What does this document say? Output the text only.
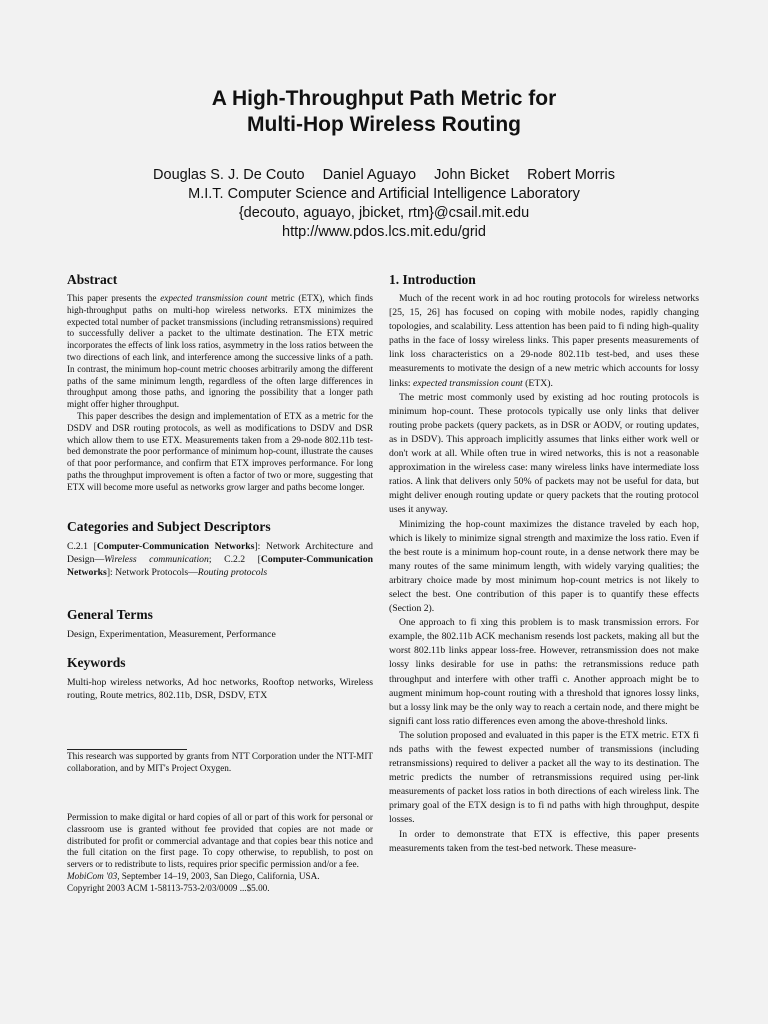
A High-Throughput Path Metric for
Multi-Hop Wireless Routing
Douglas S. J. De Couto Daniel Aguayo John Bicket Robert Morris
M.I.T. Computer Science and Artificial Intelligence Laboratory
{decouto, aguayo, jbicket, rtm}@csail.mit.edu
http://www.pdos.lcs.mit.edu/grid
Abstract

This paper presents the expected transmission count metric (ETX), which finds high-throughput paths on multi-hop wireless networks. ETX minimizes the expected total number of packet transmissions (including retransmissions) required to successfully deliver a packet to the ultimate destination. The ETX metric incorporates the effects of link loss ratios, asymmetry in the loss ratios between the two directions of each link, and interference among the successive links of a path. In contrast, the minimum hop-count metric chooses arbitrarily among the different paths of the same minimum length, regardless of the often large differences in throughput among those paths, and ignoring the possibility that a longer path might offer higher throughput.

This paper describes the design and implementation of ETX as a metric for the DSDV and DSR routing protocols, as well as modifications to DSDV and DSR which allow them to use ETX. Measurements taken from a 29-node 802.11b test-bed demonstrate the poor performance of minimum hop-count, illustrate the causes of that poor performance, and confirm that ETX improves performance. For long paths the throughput improvement is often a factor of two or more, suggesting that ETX will become more useful as networks grow larger and paths become longer.

Categories and Subject Descriptors

C.2.1 [Computer-Communication Networks]: Network Architecture and Design—Wireless communication; C.2.2 [Computer-Communication Networks]: Network Protocols—Routing protocols

General Terms

Design, Experimentation, Measurement, Performance

Keywords

Multi-hop wireless networks, Ad hoc networks, Rooftop networks, Wireless routing, Route metrics, 802.11b, DSR, DSDV, ETX

This research was supported by grants from NTT Corporation under the NTT-MIT collaboration, and by MIT's Project Oxygen.

Permission to make digital or hard copies of all or part of this work for personal or classroom use is granted without fee provided that copies are not made or distributed for profit or commercial advantage and that copies bear this notice and the full citation on the first page. To copy otherwise, to republish, to post on servers or to redistribute to lists, requires prior specific permission and/or a fee.

MobiCom '03, September 14–19, 2003, San Diego, California, USA.

Copyright 2003 ACM 1-58113-753-2/03/0009 ...$5.00.

1. Introduction

Much of the recent work in ad hoc routing protocols for wireless networks [25, 15, 26] has focused on coping with mobile nodes, rapidly changing topologies, and scalability. Less attention has been paid to fi nding high-quality paths in the face of lossy wireless links. This paper presents measurements of link loss characteristics on a 29-node 802.11b test-bed, and uses these measurements to motivate the design of a new metric which accounts for lossy links: expected transmission count (ETX).

The metric most commonly used by existing ad hoc routing protocols is minimum hop-count. These protocols typically use only links that deliver routing probe packets (query packets, as in DSR or AODV, or routing updates, as in DSDV). This approach implicitly assumes that links either work well or don't work at all. While often true in wired networks, this is not a reasonable approximation in the wireless case: many wireless links have intermediate loss ratios. A link that delivers only 50% of packets may not be useful for data, but might deliver enough routing update or query packets that the routing protocol uses it anyway.

Minimizing the hop-count maximizes the distance traveled by each hop, which is likely to minimize signal strength and maximize the loss ratio. Even if the best route is a minimum hop-count route, in a dense network there may be many routes of the same minimum length, with widely varying qualities; the arbitrary choice made by most minimum hop-count metrics is not likely to select the best. One contribution of this paper is to quantify these effects (Section 2).

One approach to fi xing this problem is to mask transmission errors. For example, the 802.11b ACK mechanism resends lost packets, making all but the worst 802.11b links appear loss-free. However, retransmission does not make lossy links desirable for use in paths: the retransmissions reduce path throughput and interfere with other traffi c. Another approach might be to augment minimum hop-count routing with a threshold that ignores lossy links, but a lossy link may be the only way to reach a certain node, and there might be signifi cant loss ratio differences even among the above-threshold links.

The solution proposed and evaluated in this paper is the ETX metric. ETX fi nds paths with the fewest expected number of transmissions (including retransmissions) required to deliver a packet all the way to its destination. The metric predicts the number of retransmissions required using per-link measurements of packet loss ratios in both directions of each wireless link. The primary goal of the ETX design is to fi nd paths with high throughput, despite losses.

In order to demonstrate that ETX is effective, this paper presents measurements taken from the test-bed network. These measure-
